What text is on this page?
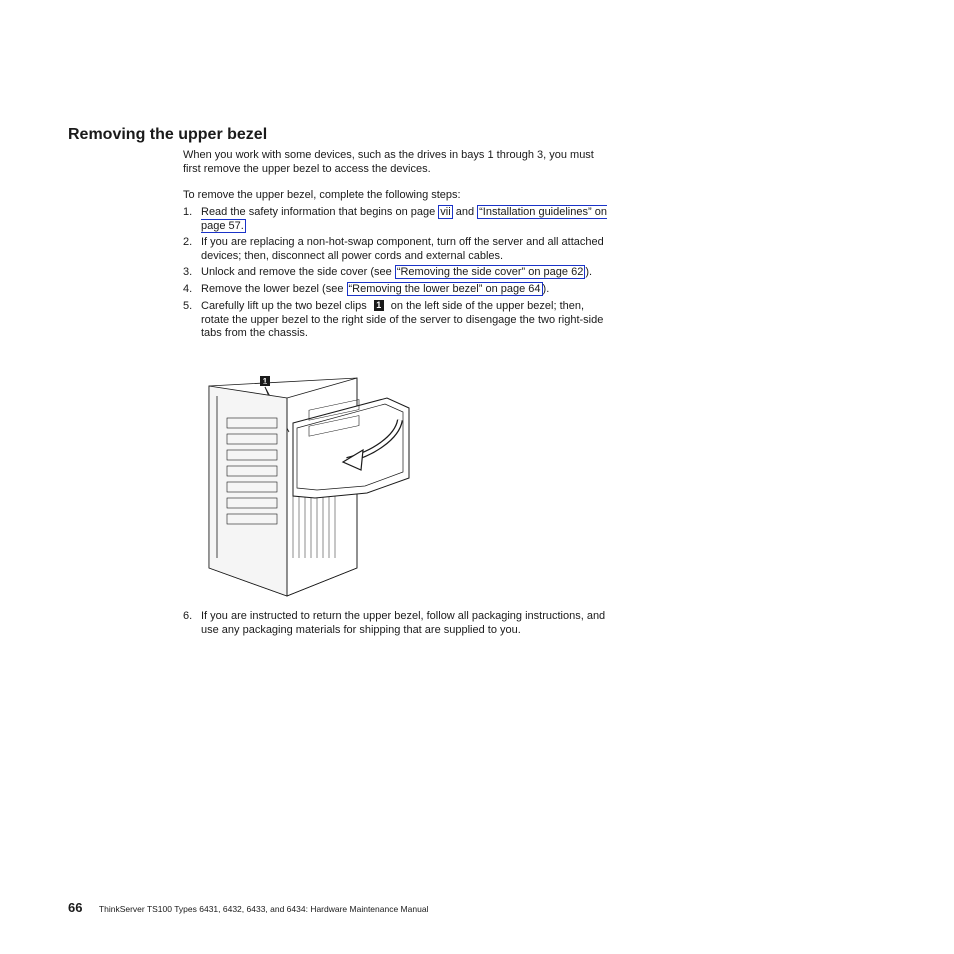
Removing the upper bezel
When you work with some devices, such as the drives in bays 1 through 3, you must first remove the upper bezel to access the devices.
To remove the upper bezel, complete the following steps:
1. Read the safety information that begins on page vii and “Installation guidelines” on page 57.
2. If you are replacing a non-hot-swap component, turn off the server and all attached devices; then, disconnect all power cords and external cables.
3. Unlock and remove the side cover (see “Removing the side cover” on page 62 ).
4. Remove the lower bezel (see “Removing the lower bezel” on page 64 ).
5. Carefully lift up the two bezel clips 1 on the left side of the upper bezel; then, rotate the upper bezel to the right side of the server to disengage the two right-side tabs from the chassis.
1
6. If you are instructed to return the upper bezel, follow all packaging instructions, and use any packaging materials for shipping that are supplied to you.
66 ThinkServer TS100 Types 6431, 6432, 6433, and 6434: Hardware Maintenance Manual
